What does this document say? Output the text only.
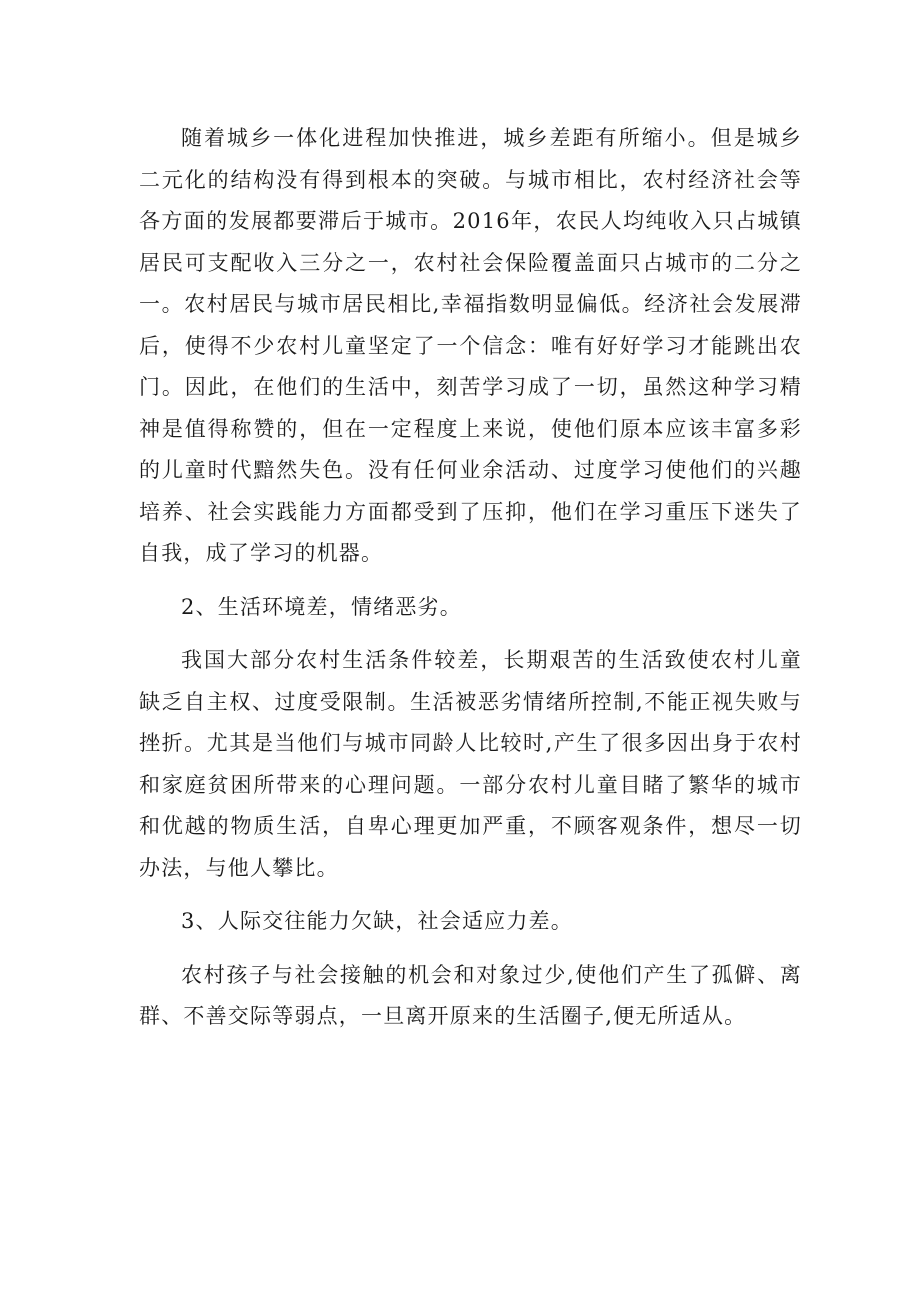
随着城乡一体化进程加快推进，城乡差距有所缩小。但是城乡二元化的结构没有得到根本的突破。与城市相比，农村经济社会等各方面的发展都要滞后于城市。2016年，农民人均纯收入只占城镇居民可支配收入三分之一，农村社会保险覆盖面只占城市的二分之一。农村居民与城市居民相比,幸福指数明显偏低。经济社会发展滞后，使得不少农村儿童坚定了一个信念：唯有好好学习才能跳出农门。因此，在他们的生活中，刻苦学习成了一切，虽然这种学习精神是值得称赞的，但在一定程度上来说，使他们原本应该丰富多彩的儿童时代黯然失色。没有任何业余活动、过度学习使他们的兴趣培养、社会实践能力方面都受到了压抑，他们在学习重压下迷失了自我，成了学习的机器。

2、生活环境差，情绪恶劣。

我国大部分农村生活条件较差，长期艰苦的生活致使农村儿童缺乏自主权、过度受限制。生活被恶劣情绪所控制,不能正视失败与挫折。尤其是当他们与城市同龄人比较时,产生了很多因出身于农村和家庭贫困所带来的心理问题。一部分农村儿童目睹了繁华的城市和优越的物质生活，自卑心理更加严重，不顾客观条件，想尽一切办法，与他人攀比。

3、人际交往能力欠缺，社会适应力差。

农村孩子与社会接触的机会和对象过少,使他们产生了孤僻、离群、不善交际等弱点，一旦离开原来的生活圈子,便无所适从。
